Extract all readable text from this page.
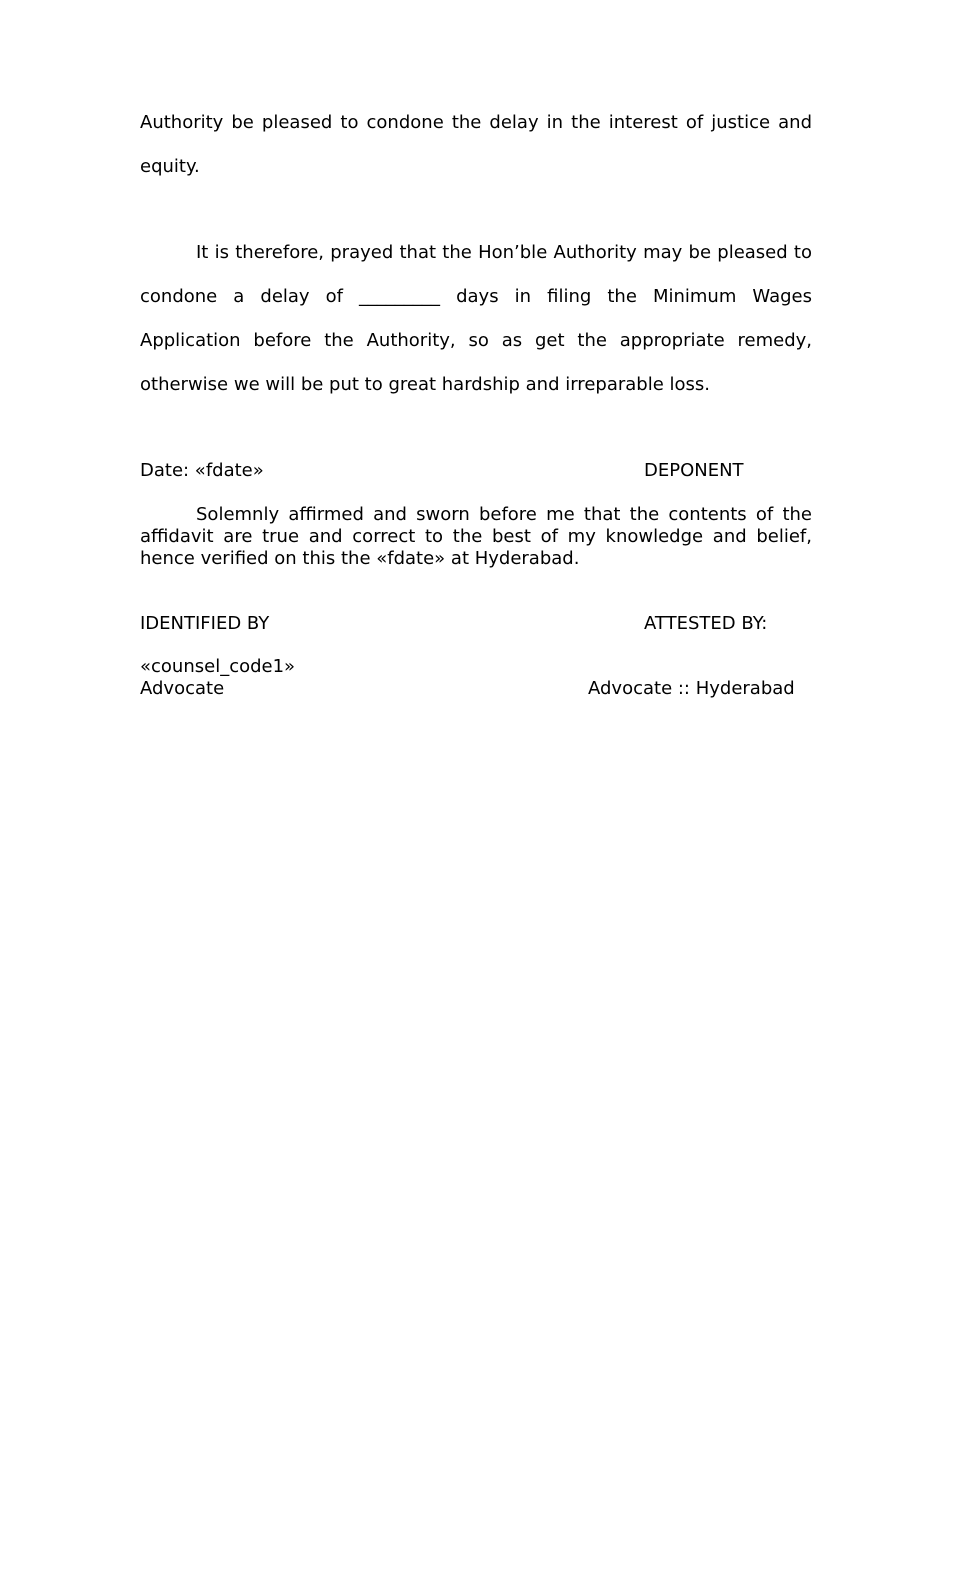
Authority be pleased to condone the delay in the interest of justice and equity.

It is therefore, prayed that the Hon’ble Authority may be pleased to condone a delay of _________ days in filing the Minimum Wages Application before the Authority, so as get the appropriate remedy, otherwise we will be put to great hardship and irreparable loss.

Date: «fdate»	DEPONENT

Solemnly affirmed and sworn before me that the contents of the affidavit are true and correct to the best of my knowledge and belief, hence verified on this the «fdate» at Hyderabad.

IDENTIFIED BY	ATTESTED BY:
«counsel_code1»
Advocate	Advocate :: Hyderabad
